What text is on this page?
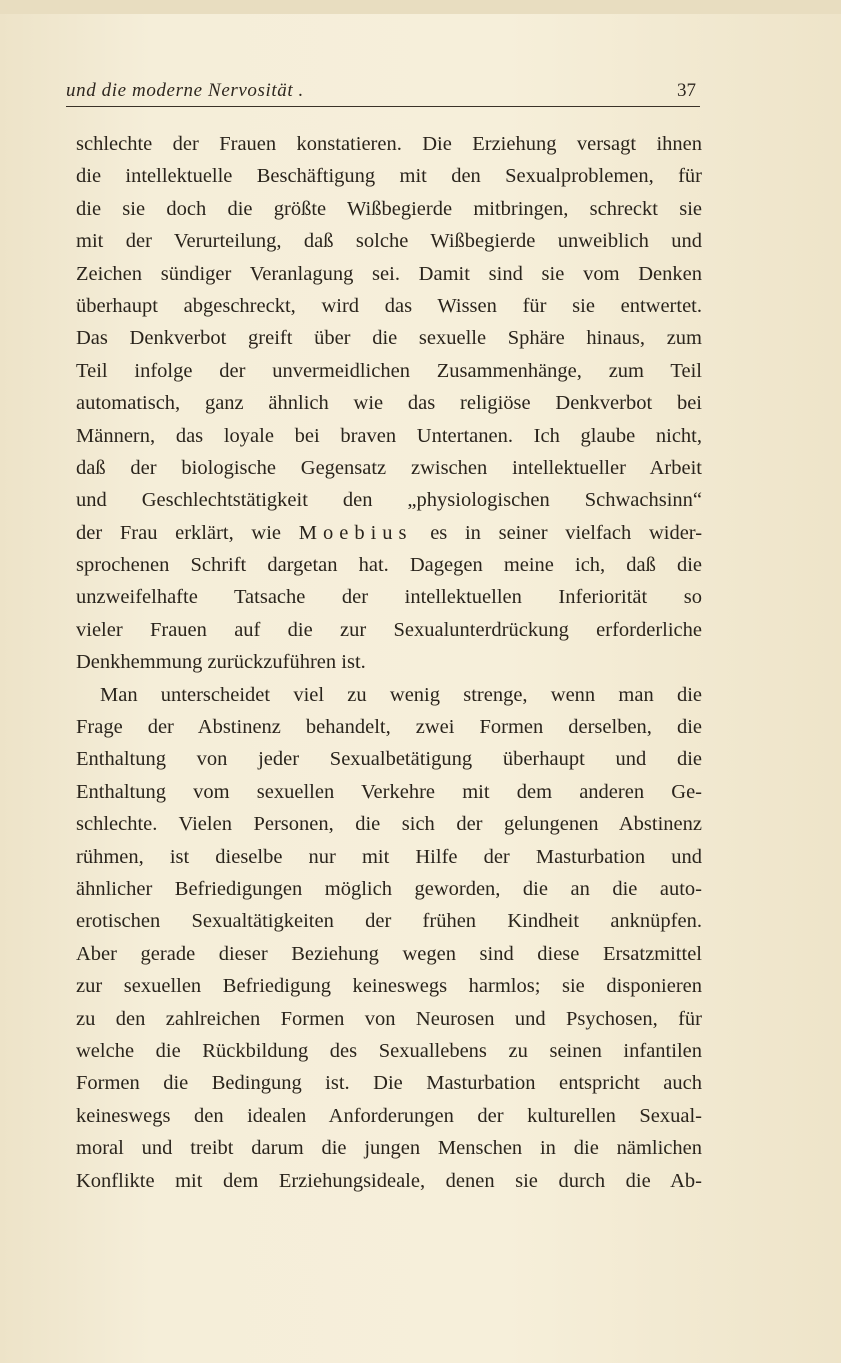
und die moderne Nervosität .	37
schlechte der Frauen konstatieren. Die Erziehung versagt ihnen
die intellektuelle Beschäftigung mit den Sexualproblemen, für
die sie doch die größte Wißbegierde mitbringen, schreckt sie
mit der Verurteilung, daß solche Wißbegierde unweiblich und
Zeichen sündiger Veranlagung sei. Damit sind sie vom Denken
überhaupt abgeschreckt, wird das Wissen für sie entwertet.
Das Denkverbot greift über die sexuelle Sphäre hinaus, zum
Teil infolge der unvermeidlichen Zusammenhänge, zum Teil
automatisch, ganz ähnlich wie das religiöse Denkverbot bei
Männern, das loyale bei braven Untertanen. Ich glaube nicht,
daß der biologische Gegensatz zwischen intellektueller Arbeit
und Geschlechtstätigkeit den „physiologischen Schwachsinn“
der Frau erklärt, wie Moebius es in seiner vielfach wider-
sprochenen Schrift dargetan hat. Dagegen meine ich, daß die
unzweifelhafte Tatsache der intellektuellen Inferiorität so
vieler Frauen auf die zur Sexualunterdrückung erforderliche
Denkhemmung zurückzuführen ist.
Man unterscheidet viel zu wenig strenge, wenn man die
Frage der Abstinenz behandelt, zwei Formen derselben, die
Enthaltung von jeder Sexualbetätigung überhaupt und die
Enthaltung vom sexuellen Verkehre mit dem anderen Ge-
schlechte. Vielen Personen, die sich der gelungenen Abstinenz
rühmen, ist dieselbe nur mit Hilfe der Masturbation und
ähnlicher Befriedigungen möglich geworden, die an die auto-
erotischen Sexualtätigkeiten der frühen Kindheit anknüpfen.
Aber gerade dieser Beziehung wegen sind diese Ersatzmittel
zur sexuellen Befriedigung keineswegs harmlos; sie disponieren
zu den zahlreichen Formen von Neurosen und Psychosen, für
welche die Rückbildung des Sexuallebens zu seinen infantilen
Formen die Bedingung ist. Die Masturbation entspricht auch
keineswegs den idealen Anforderungen der kulturellen Sexual-
moral und treibt darum die jungen Menschen in die nämlichen
Konflikte mit dem Erziehungsideale, denen sie durch die Ab-
